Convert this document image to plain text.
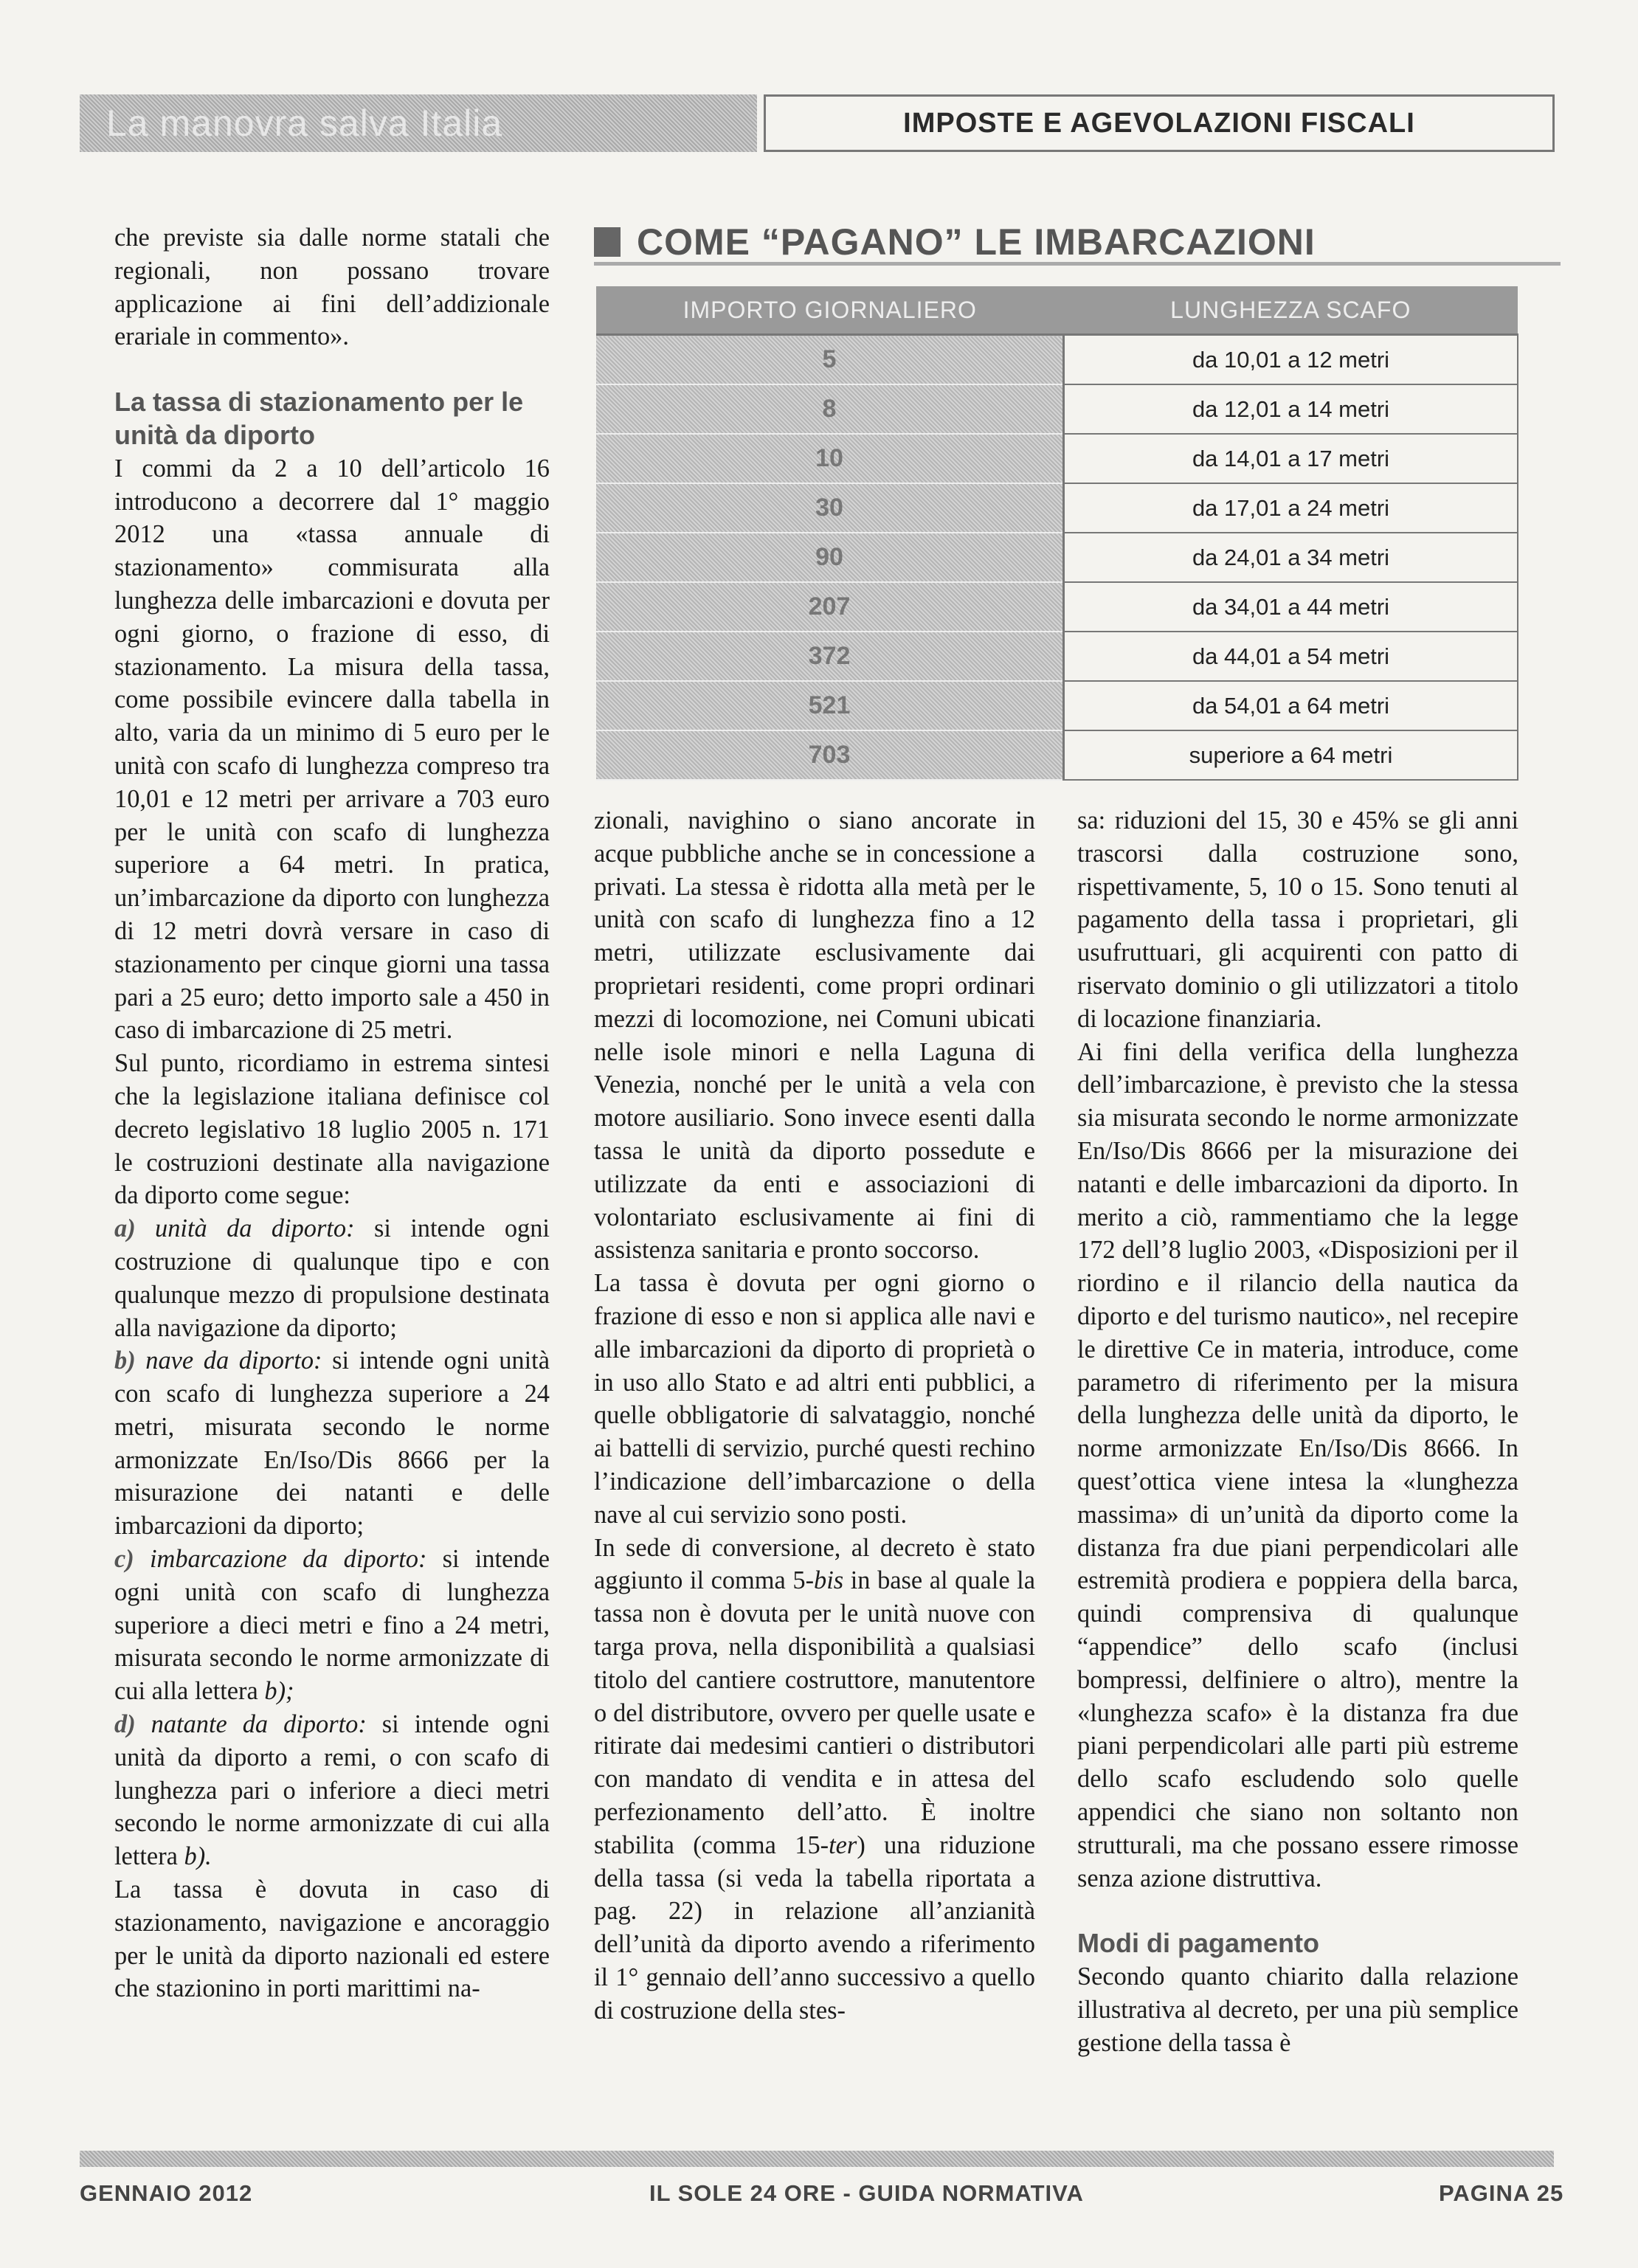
La manovra salva Italia	IMPOSTE E AGEVOLAZIONI FISCALI

che previste sia dalle norme statali che regionali, non possano trovare applicazione ai fini dell’addizionale erariale in commento».

La tassa di stazionamento per le unità da diporto

I commi da 2 a 10 dell’articolo 16 introducono a decorrere dal 1° maggio 2012 una «tassa annuale di stazionamento» commisurata alla lunghezza delle imbarcazioni e dovuta per ogni giorno, o frazione di esso, di stazionamento. La misura della tassa, come possibile evincere dalla tabella in alto, varia da un minimo di 5 euro per le unità con scafo di lunghezza compreso tra 10,01 e 12 metri per arrivare a 703 euro per le unità con scafo di lunghezza superiore a 64 metri. In pratica, un’imbarcazione da diporto con lunghezza di 12 metri dovrà versare in caso di stazionamento per cinque giorni una tassa pari a 25 euro; detto importo sale a 450 in caso di imbarcazione di 25 metri.

Sul punto, ricordiamo in estrema sintesi che la legislazione italiana definisce col decreto legislativo 18 luglio 2005 n. 171 le costruzioni destinate alla navigazione da diporto come segue:

a) unità da diporto: si intende ogni costruzione di qualunque tipo e con qualunque mezzo di propulsione destinata alla navigazione da diporto;

b) nave da diporto: si intende ogni unità con scafo di lunghezza superiore a 24 metri, misurata secondo le norme armonizzate En/Iso/Dis 8666 per la misurazione dei natanti e delle imbarcazioni da diporto;

c) imbarcazione da diporto: si intende ogni unità con scafo di lunghezza superiore a dieci metri e fino a 24 metri, misurata secondo le norme armonizzate di cui alla lettera b);

d) natante da diporto: si intende ogni unità da diporto a remi, o con scafo di lunghezza pari o inferiore a dieci metri secondo le norme armonizzate di cui alla lettera b).

La tassa è dovuta in caso di stazionamento, navigazione e ancoraggio per le unità da diporto nazionali ed estere che stazionino in porti marittimi na-

COME “PAGANO” LE IMBARCAZIONI
IMPORTO GIORNALIERO	LUNGHEZZA SCAFO
5	da 10,01 a 12 metri
8	da 12,01 a 14 metri
10	da 14,01 a 17 metri
30	da 17,01 a 24 metri
90	da 24,01 a 34 metri
207	da 34,01 a 44 metri
372	da 44,01 a 54 metri
521	da 54,01 a 64 metri
703	superiore a 64 metri

zionali, navighino o siano ancorate in acque pubbliche anche se in concessione a privati. La stessa è ridotta alla metà per le unità con scafo di lunghezza fino a 12 metri, utilizzate esclusivamente dai proprietari residenti, come propri ordinari mezzi di locomozione, nei Comuni ubicati nelle isole minori e nella Laguna di Venezia, nonché per le unità a vela con motore ausiliario. Sono invece esenti dalla tassa le unità da diporto possedute e utilizzate da enti e associazioni di volontariato esclusivamente ai fini di assistenza sanitaria e pronto soccorso.

La tassa è dovuta per ogni giorno o frazione di esso e non si applica alle navi e alle imbarcazioni da diporto di proprietà o in uso allo Stato e ad altri enti pubblici, a quelle obbligatorie di salvataggio, nonché ai battelli di servizio, purché questi rechino l’indicazione dell’imbarcazione o della nave al cui servizio sono posti.

In sede di conversione, al decreto è stato aggiunto il comma 5-bis in base al quale la tassa non è dovuta per le unità nuove con targa prova, nella disponibilità a qualsiasi titolo del cantiere costruttore, manutentore o del distributore, ovvero per quelle usate e ritirate dai medesimi cantieri o distributori con mandato di vendita e in attesa del perfezionamento dell’atto. È inoltre stabilita (comma 15-ter) una riduzione della tassa (si veda la tabella riportata a pag. 22) in relazione all’anzianità dell’unità da diporto avendo a riferimento il 1° gennaio dell’anno successivo a quello di costruzione della stes-

sa: riduzioni del 15, 30 e 45% se gli anni trascorsi dalla costruzione sono, rispettivamente, 5, 10 o 15. Sono tenuti al pagamento della tassa i proprietari, gli usufruttuari, gli acquirenti con patto di riservato dominio o gli utilizzatori a titolo di locazione finanziaria.

Ai fini della verifica della lunghezza dell’imbarcazione, è previsto che la stessa sia misurata secondo le norme armonizzate En/Iso/Dis 8666 per la misurazione dei natanti e delle imbarcazioni da diporto. In merito a ciò, rammentiamo che la legge 172 dell’8 luglio 2003, «Disposizioni per il riordino e il rilancio della nautica da diporto e del turismo nautico», nel recepire le direttive Ce in materia, introduce, come parametro di riferimento per la misura della lunghezza delle unità da diporto, le norme armonizzate En/Iso/Dis 8666. In quest’ottica viene intesa la «lunghezza massima» di un’unità da diporto come la distanza fra due piani perpendicolari alle estremità prodiera e poppiera della barca, quindi comprensiva di qualunque “appendice” dello scafo (inclusi bompressi, delfiniere o altro), mentre la «lunghezza scafo» è la distanza fra due piani perpendicolari alle parti più estreme dello scafo escludendo solo quelle appendici che siano non soltanto non strutturali, ma che possano essere rimosse senza azione distruttiva.

Modi di pagamento

Secondo quanto chiarito dalla relazione illustrativa al decreto, per una più semplice gestione della tassa è

GENNAIO 2012	IL SOLE 24 ORE - GUIDA NORMATIVA	PAGINA 25
